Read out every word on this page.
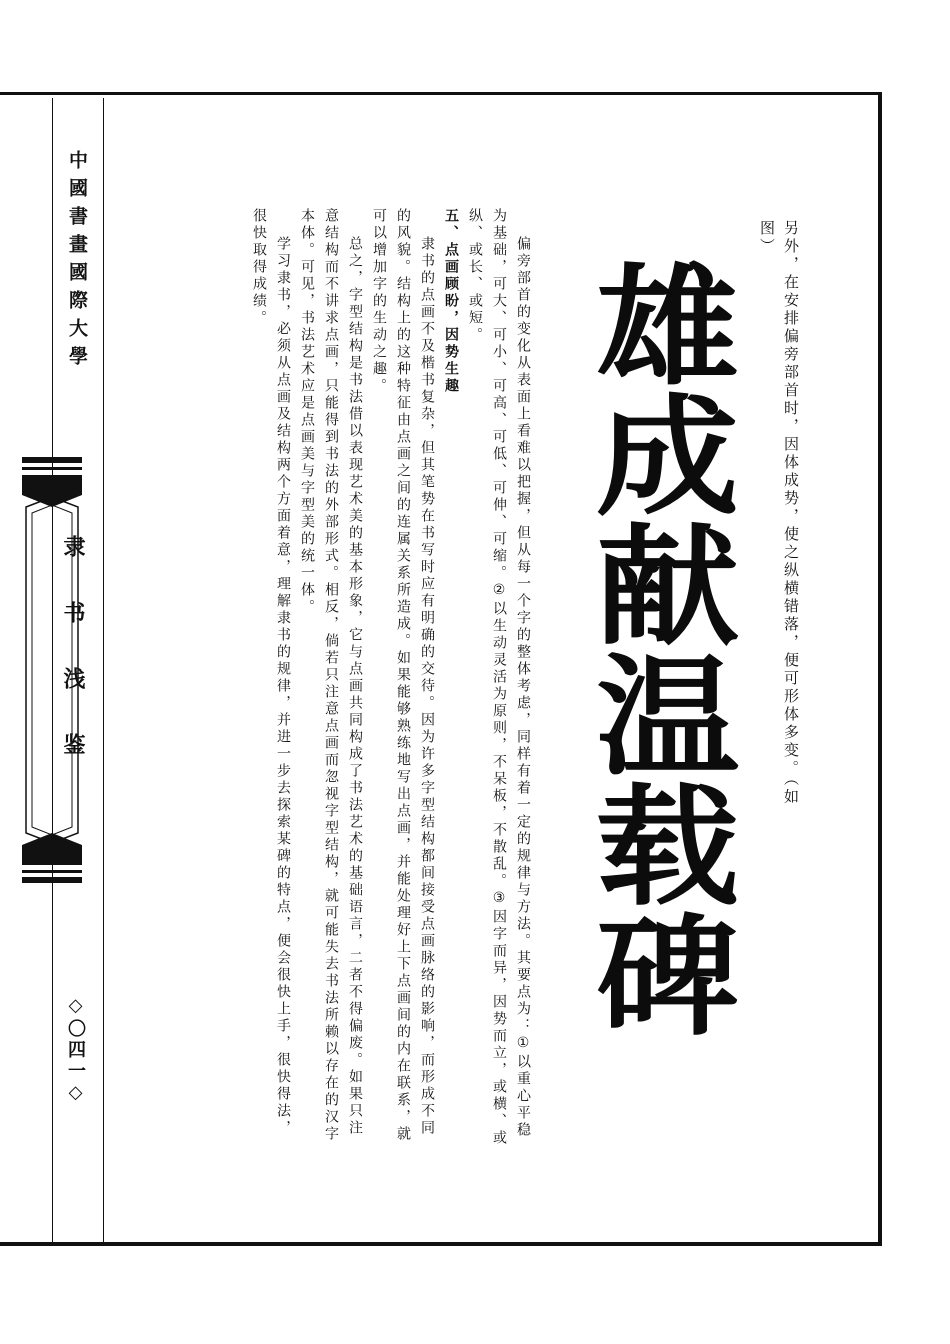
中國書畫國際大學
隶书浅鉴
◇〇四一◇
另外，在安排偏旁部首时，因体成势，使之纵横错落，便可形体多变。（如图）
雄成献温载碑

偏旁部首的变化从表面上看难以把握，但从每一个字的整体考虑，同样有着一定的规律与方法。其要点为：①以重心平稳为基础，可大、可小、可高、可低、可伸、可缩。②以生动灵活为原则，不呆板，不散乱。③因字而异，因势而立，或横、或纵、或长、或短。

五、点画顾盼，因势生趣

隶书的点画不及楷书复杂，但其笔势在书写时应有明确的交待。因为许多字型结构都间接受点画脉络的影响，而形成不同的风貌。结构上的这种特征由点画之间的连属关系所造成。如果能够熟练地写出点画，并能处理好上下点画间的内在联系，就可以增加字的生动之趣。

总之，字型结构是书法借以表现艺术美的基本形象，它与点画共同构成了书法艺术的基础语言，二者不得偏废。如果只注意结构而不讲求点画，只能得到书法的外部形式。相反，倘若只注意点画而忽视字型结构，就可能失去书法所赖以存在的汉字本体。可见，书法艺术应是点画美与字型美的统一体。

学习隶书，必须从点画及结构两个方面着意，理解隶书的规律，并进一步去探索某碑的特点，便会很快上手，很快得法，很快取得成绩。
